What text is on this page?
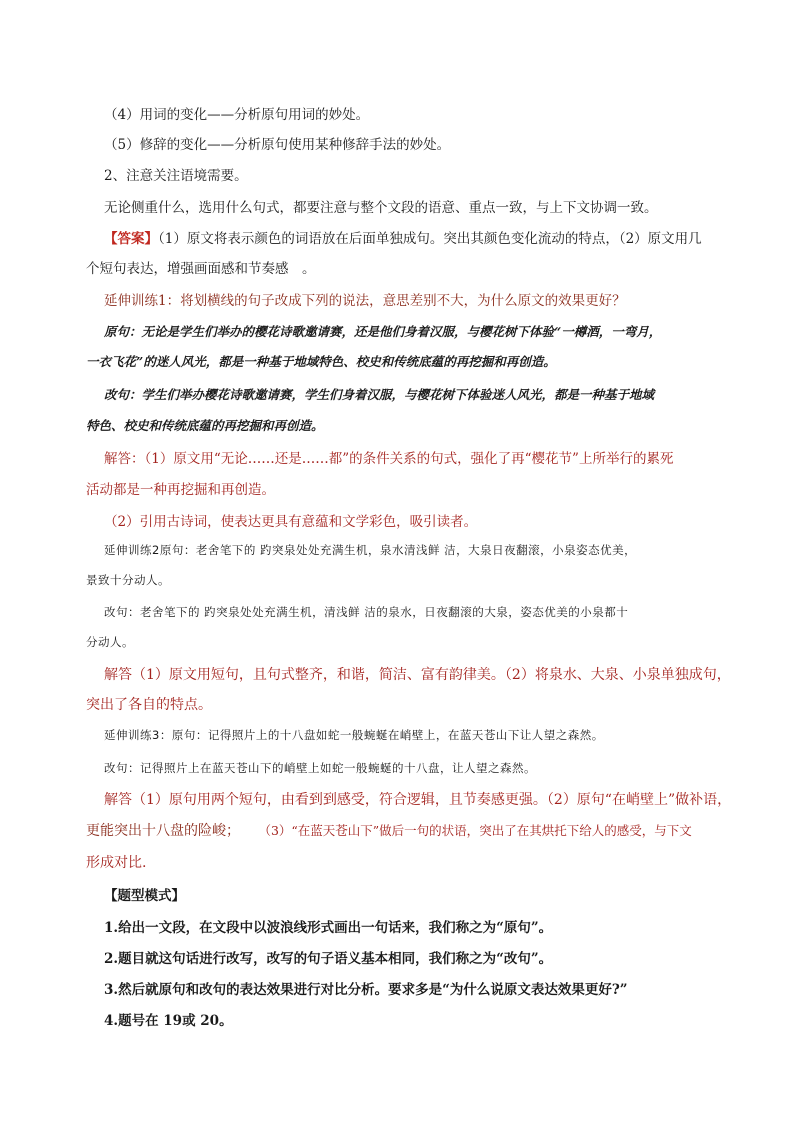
（4）用词的变化——分析原句用词的妙处。
（5）修辞的变化——分析原句使用某种修辞手法的妙处。
2、注意关注语境需要。
无论侧重什么，选用什么句式，都要注意与整个文段的语意、重点一致，与上下文协调一致。
【答案】（1）原文将表示颜色的词语放在后面单独成句。突出其颜色变化流动的特点，（2）原文用几
个短句表达，增强画面感和节奏感　。
延伸训练1：将划横线的句子改成下列的说法，意思差别不大，为什么原文的效果更好？
原句：无论是学生们举办的樱花诗歌邀请赛，还是他们身着汉服，与樱花树下体验“一樽酒，一弯月，
一衣飞花”的迷人风光，都是一种基于地域特色、校史和传统底蕴的再挖掘和再创造。
改句：学生们举办樱花诗歌邀请赛，学生们身着汉服，与樱花树下体验迷人风光，都是一种基于地域
特色、校史和传统底蕴的再挖掘和再创造。
解答：（1）原文用“无论……还是……都”的条件关系的句式，强化了再“樱花节”上所举行的累死
活动都是一种再挖掘和再创造。
（2）引用古诗词，使表达更具有意蕴和文学彩色，吸引读者。
延伸训练2原句：老舍笔下的 趵突泉处处充满生机，泉水清浅鲜 洁，大泉日夜翻滚，小泉姿态优美，
景致十分动人。
改句：老舍笔下的 趵突泉处处充满生机，清浅鲜 洁的泉水，日夜翻滚的大泉，姿态优美的小泉都十
分动人。
解答（1）原文用短句，且句式整齐，和谐，简洁、富有韵律美。（2）将泉水、大泉、小泉单独成句，
突出了各自的特点。
延伸训练3：原句：记得照片上的十八盘如蛇一般蜿蜒在峭壁上，在蓝天苍山下让人望之森然。
改句：记得照片上在蓝天苍山下的峭壁上如蛇一般蜿蜒的十八盘，让人望之森然。
解答（1）原句用两个短句，由看到到感受，符合逻辑，且节奏感更强。（2）原句“在峭壁上”做补语，
更能突出十八盘的险峻； （3）“在蓝天苍山下”做后一句的状语，突出了在其烘托下给人的感受，与下文
形成对比.
【题型模式】
1.给出一文段，在文段中以波浪线形式画出一句话来，我们称之为“原句”。
2.题目就这句话进行改写，改写的句子语义基本相同，我们称之为“改句”。
3.然后就原句和改句的表达效果进行对比分析。要求多是“为什么说原文表达效果更好?”
4.题号在 19或 20。
